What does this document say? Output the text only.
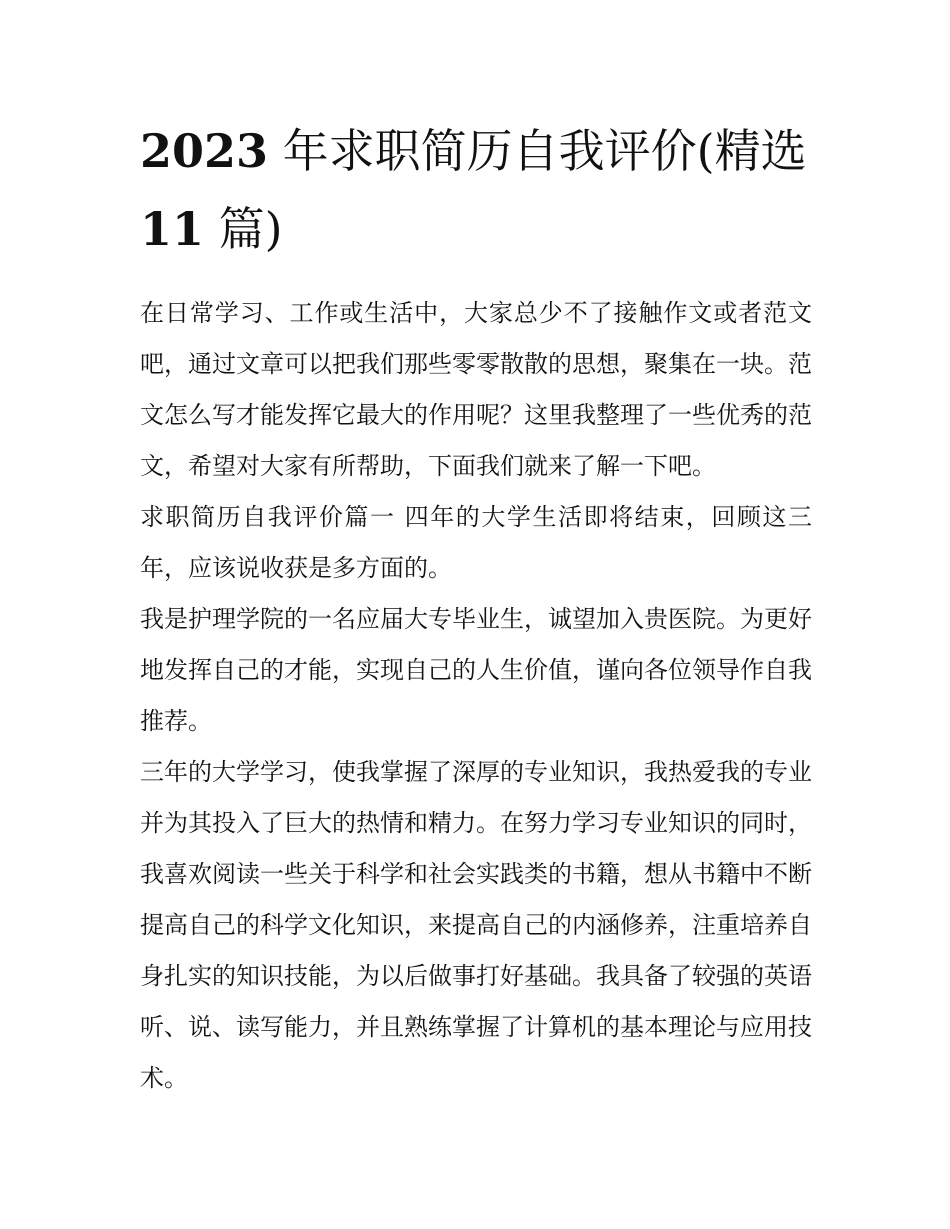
2023 年求职简历自我评价(精选 11 篇)

在日常学习、工作或生活中，大家总少不了接触作文或者范文吧，通过文章可以把我们那些零零散散的思想，聚集在一块。范文怎么写才能发挥它最大的作用呢？这里我整理了一些优秀的范文，希望对大家有所帮助，下面我们就来了解一下吧。

求职简历自我评价篇一 四年的大学生活即将结束，回顾这三年，应该说收获是多方面的。

我是护理学院的一名应届大专毕业生，诚望加入贵医院。为更好地发挥自己的才能，实现自己的人生价值，谨向各位领导作自我推荐。

三年的大学学习，使我掌握了深厚的专业知识，我热爱我的专业并为其投入了巨大的热情和精力。在努力学习专业知识的同时，我喜欢阅读一些关于科学和社会实践类的书籍，想从书籍中不断提高自己的科学文化知识，来提高自己的内涵修养，注重培养自身扎实的知识技能，为以后做事打好基础。我具备了较强的英语听、说、读写能力，并且熟练掌握了计算机的基本理论与应用技术。
